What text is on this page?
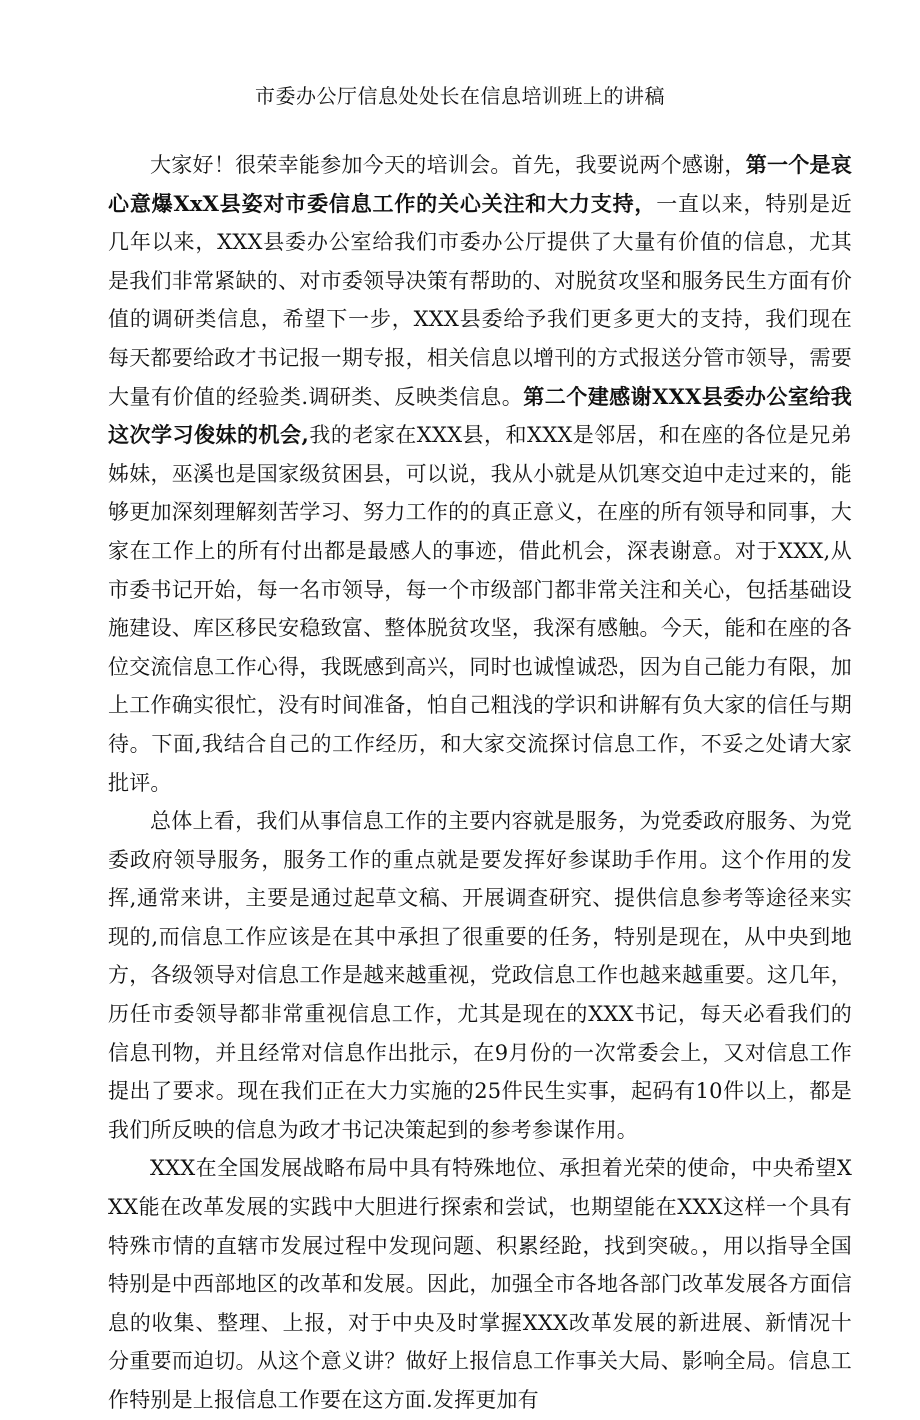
市委办公厅信息处处长在信息培训班上的讲稿

大家好！很荣幸能参加今天的培训会。首先，我要说两个感谢，第一个是哀心意爆XxX县姿对市委信息工作的关心关注和大力支持，一直以来，特别是近几年以来，XXX县委办公室给我们市委办公厅提供了大量有价值的信息，尤其是我们非常紧缺的、对市委领导决策有帮助的、对脱贫攻坚和服务民生方面有价值的调研类信息，希望下一步，XXX县委给予我们更多更大的支持，我们现在每天都要给政才书记报一期专报，相关信息以增刊的方式报送分管市领导，需要大量有价值的经验类.调研类、反映类信息。第二个建感谢XXX县委办公室给我这次学习俊妹的机会,我的老家在XXX县，和XXX是邻居，和在座的各位是兄弟姊妹，巫溪也是国家级贫困县，可以说，我从小就是从饥寒交迫中走过来的，能够更加深刻理解刻苦学习、努力工作的的真正意义，在座的所有领导和同事，大家在工作上的所有付出都是最感人的事迹，借此机会，深表谢意。对于XXX,从市委书记开始，每一名市领导，每一个市级部门都非常关注和关心，包括基础设施建设、库区移民安稳致富、整体脱贫攻坚，我深有感触。今天，能和在座的各位交流信息工作心得，我既感到高兴，同时也诚惶诚恐，因为自己能力有限，加上工作确实很忙，没有时间准备，怕自己粗浅的学识和讲解有负大家的信任与期待。下面,我结合自己的工作经历，和大家交流探讨信息工作，不妥之处请大家批评。

总体上看，我们从事信息工作的主要内容就是服务，为党委政府服务、为党委政府领导服务，服务工作的重点就是要发挥好参谋助手作用。这个作用的发挥,通常来讲，主要是通过起草文稿、开展调查研究、提供信息参考等途径来实现的,而信息工作应该是在其中承担了很重要的任务，特别是现在，从中央到地方，各级领导对信息工作是越来越重视，党政信息工作也越来越重要。这几年，历任市委领导都非常重视信息工作，尤其是现在的XXX书记，每天必看我们的信息刊物，并且经常对信息作出批示，在9月份的一次常委会上，又对信息工作提出了要求。现在我们正在大力实施的25件民生实事，起码有10件以上，都是我们所反映的信息为政才书记决策起到的参考参谋作用。

XXX在全国发展战略布局中具有特殊地位、承担着光荣的使命，中央希望XXX能在改革发展的实践中大胆进行探索和尝试，也期望能在XXX这样一个具有特殊市情的直辖市发展过程中发现问题、积累经跄，找到突破。，用以指导全国特别是中西部地区的改革和发展。因此，加强全市各地各部门改革发展各方面信息的收集、整理、上报，对于中央及时掌握XXX改革发展的新进展、新情况十分重要而迫切。从这个意义讲？做好上报信息工作事关大局、影响全局。信息工作特别是上报信息工作要在这方面.发挥更加有
